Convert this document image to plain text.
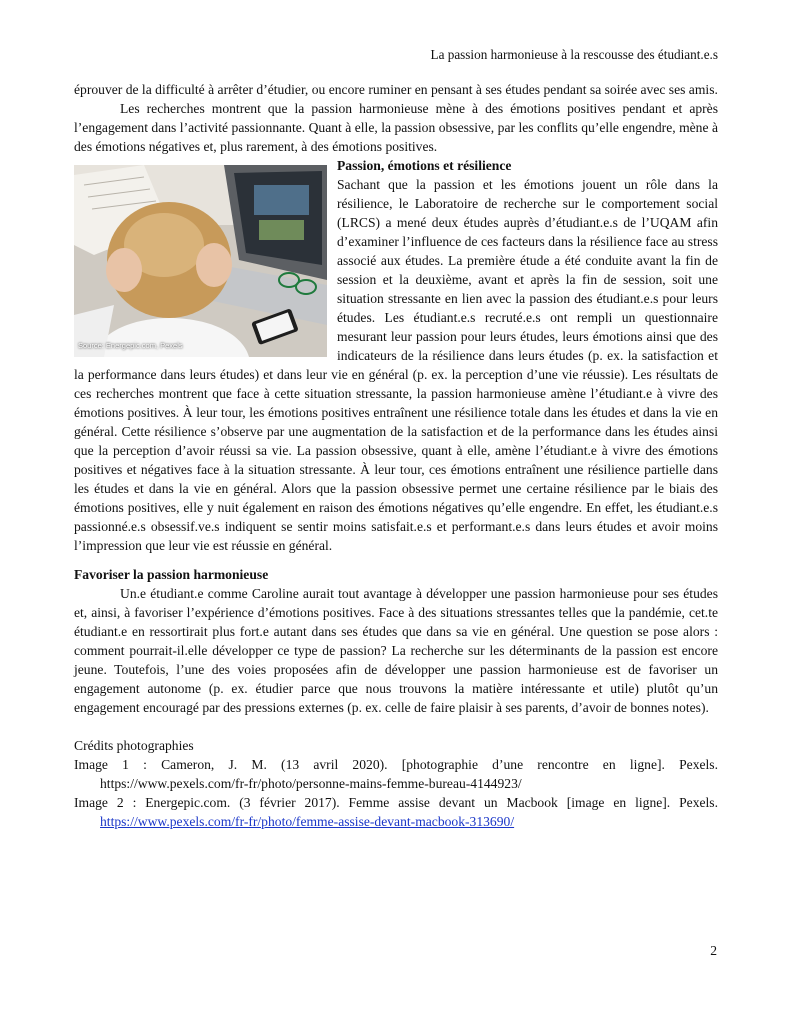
La passion harmonieuse à la rescousse des étudiant.e.s

éprouver de la difficulté à arrêter d’étudier, ou encore ruminer en pensant à ses études pendant sa soirée avec ses amis.

Les recherches montrent que la passion harmonieuse mène à des émotions positives pendant et après l’engagement dans l’activité passionnante. Quant à elle, la passion obsessive, par les conflits qu’elle engendre, mène à des émotions négatives et, plus rarement, à des émotions positives.

Source: Energepic.com, Pexels

Passion, émotions et résilience

Sachant que la passion et les émotions jouent un rôle dans la résilience, le Laboratoire de recherche sur le comportement social (LRCS) a mené deux études auprès d’étudiant.e.s de l’UQAM afin d’examiner l’influence de ces facteurs dans la résilience face au stress associé aux études. La première étude a été conduite avant la fin de session et la deuxième, avant et après la fin de session, soit une situation stressante en lien avec la passion des étudiant.e.s pour leurs études. Les étudiant.e.s recruté.e.s ont rempli un questionnaire mesurant leur passion pour leurs études, leurs émotions ainsi que des indicateurs de la résilience dans leurs études (p. ex. la satisfaction et la performance dans leurs études) et dans leur vie en général (p. ex. la perception d’une vie réussie). Les résultats de ces recherches montrent que face à cette situation stressante, la passion harmonieuse amène l’étudiant.e à vivre des émotions positives. À leur tour, les émotions positives entraînent une résilience totale dans les études et dans la vie en général. Cette résilience s’observe par une augmentation de la satisfaction et de la performance dans les études ainsi que la perception d’avoir réussi sa vie. La passion obsessive, quant à elle, amène l’étudiant.e à vivre des émotions positives et négatives face à la situation stressante. À leur tour, ces émotions entraînent une résilience partielle dans les études et dans la vie en général. Alors que la passion obsessive permet une certaine résilience par le biais des émotions positives, elle y nuit également en raison des émotions négatives qu’elle engendre. En effet, les étudiant.e.s passionné.e.s obsessif.ve.s indiquent se sentir moins satisfait.e.s et performant.e.s dans leurs études et avoir moins l’impression que leur vie est réussie en général.

Favoriser la passion harmonieuse

Un.e étudiant.e comme Caroline aurait tout avantage à développer une passion harmonieuse pour ses études et, ainsi, à favoriser l’expérience d’émotions positives. Face à des situations stressantes telles que la pandémie, cet.te étudiant.e en ressortirait plus fort.e autant dans ses études que dans sa vie en général. Une question se pose alors : comment pourrait-il.elle développer ce type de passion? La recherche sur les déterminants de la passion est encore jeune. Toutefois, l’une des voies proposées afin de développer une passion harmonieuse est de favoriser un engagement autonome (p. ex. étudier parce que nous trouvons la matière intéressante et utile) plutôt qu’un engagement encouragé par des pressions externes (p. ex. celle de faire plaisir à ses parents, d’avoir de bonnes notes).

Crédits photographies

Image 1 : Cameron, J. M. (13 avril 2020). [photographie d’une rencontre en ligne]. Pexels. https://www.pexels.com/fr-fr/photo/personne-mains-femme-bureau-4144923/

Image 2 : Energepic.com. (3 février 2017). Femme assise devant un Macbook [image en ligne]. Pexels. https://www.pexels.com/fr-fr/photo/femme-assise-devant-macbook-313690/

2
